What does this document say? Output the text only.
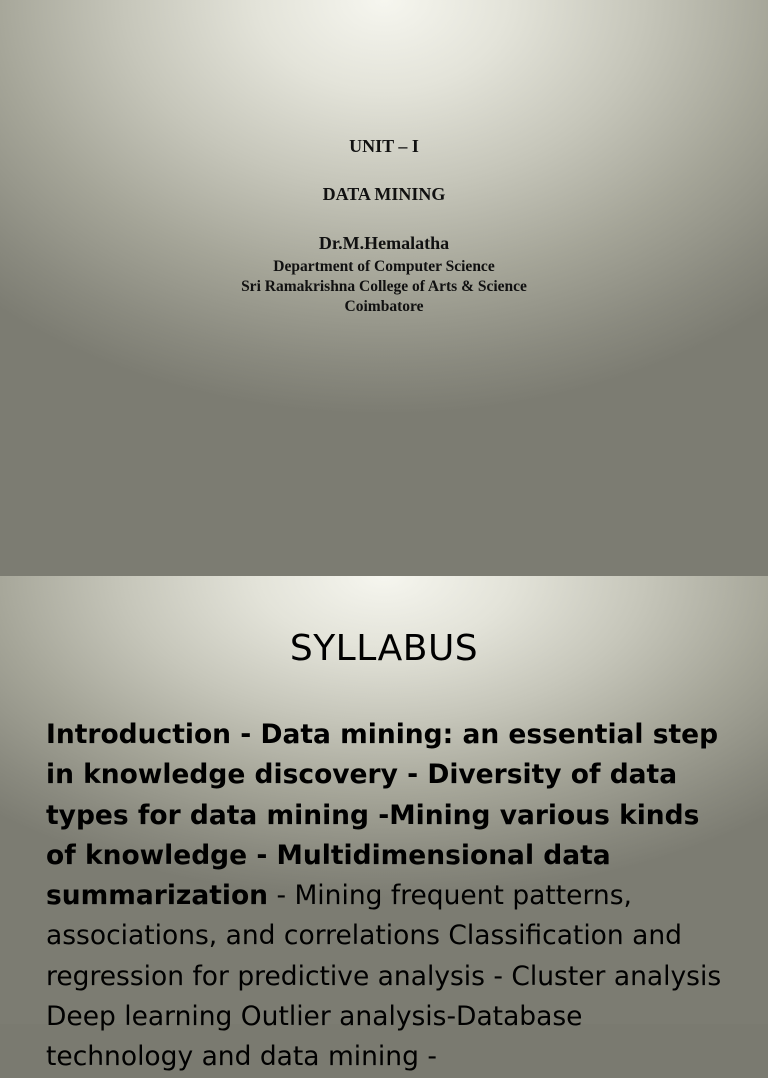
UNIT – I
DATA MINING
Dr.M.Hemalatha
Department of Computer Science
Sri Ramakrishna College of Arts & Science
Coimbatore
SYLLABUS
Introduction - Data mining: an essential step in knowledge discovery - Diversity of data types for data mining -Mining various kinds of knowledge - Multidimensional data summarization - Mining frequent patterns, associations, and correlations Classification and regression for predictive analysis - Cluster analysis Deep learning Outlier analysis-Database technology and data mining -
